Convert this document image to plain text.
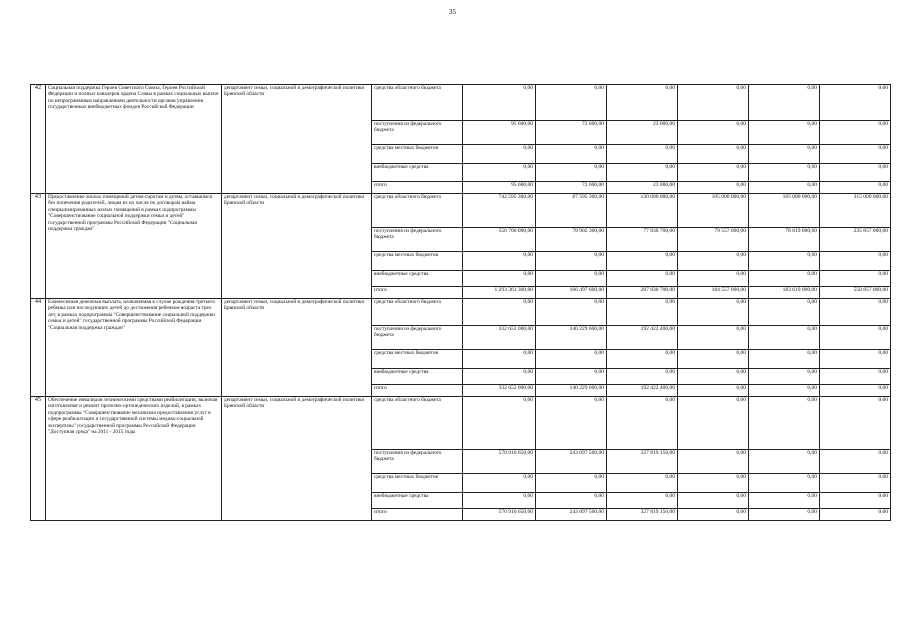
35
42	Социальная поддержка Героев Советского Союза, Героев Российской Федерации и полных кавалеров ордена Славы в рамках социальных выплат по непрограммным направлениям деятельности органов управления государственных внебюджетных фондов Российской Федерации	департамент семьи, социальной и демографической политики Брянской области	средства областного бюджета	0,00	0,00	0,00	0,00	0,00	0,00
			поступления из федерального бюджета	95 600,00	72 600,00	23 000,00	0,00	0,00	0,00
			средства местных бюджетов	0,00	0,00	0,00	0,00	0,00	0,00
			внебюджетные средства	0,00	0,00	0,00	0,00	0,00	0,00
			итого	95 600,00	72 600,00	23 000,00	0,00	0,00	0,00
43	Предоставление жилых помещений детям-сиротам и детям, оставшимся без попечения родителей, лицам из их числа по договорам найма специализированных жилых помещений в рамках подпрограммы "Совершенствование социальной поддержки семьи и детей" государственной программы Российской Федерации "Социальная поддержка граждан"	департамент семьи, социальной и демографической политики Брянской области	средства областного бюджета	742 595 300,00	87 595 300,00	130 000 000,00	105 000 000,00	105 000 000,00	315 000 000,00
			поступления из федерального бюджета	550 766 000,00	78 902 300,00	77 830 700,00	79 557 000,00	78 619 000,00	235 857 000,00
			средства местных бюджетов	0,00	0,00	0,00	0,00	0,00	0,00
			внебюджетные средства	0,00	0,00	0,00	0,00	0,00	0,00
			итого	1 293 361 300,00	166 497 600,00	207 830 700,00	184 557 000,00	183 619 000,00	550 857 000,00
44	Ежемесячная денежная выплата, назначаемая в случае рождения третьего ребенка или последующих детей до достижения ребенком возраста трех лет, в рамках подпрограммы "Совершенствование социальной поддержки семьи и детей" государственной программы Российской Федерации "Социальная поддержка граждан"	департамент семьи, социальной и демографической политики Брянской области	средства областного бюджета	0,00	0,00	0,00	0,00	0,00	0,00
			поступления из федерального бюджета	332 652 000,00	140 229 600,00	192 422 400,00	0,00	0,00	0,00
			средства местных бюджетов	0,00	0,00	0,00	0,00	0,00	0,00
			внебюджетные средства	0,00	0,00	0,00	0,00	0,00	0,00
			итого	332 652 000,00	140 229 600,00	192 422 400,00	0,00	0,00	0,00
45	Обеспечение инвалидов техническими средствами реабилитации, включая изготовление и ремонт протезно-ортопедических изделий, в рамках подпрограммы "Совершенствование механизма предоставления услуг в сфере реабилитации и государственной системы медико-социальной экспертизы" государственной программы Российской Федерации "Доступная среда" на 2011 - 2015 годы	департамент семьи, социальной и демографической политики Брянской области	средства областного бюджета	0,00	0,00	0,00	0,00	0,00	0,00
			поступления из федерального бюджета	570 916 650,00	243 097 500,00	327 819 150,00	0,00	0,00	0,00
			средства местных бюджетов	0,00	0,00	0,00	0,00	0,00	0,00
			внебюджетные средства	0,00	0,00	0,00	0,00	0,00	0,00
			итого	570 916 650,00	243 097 500,00	327 819 150,00	0,00	0,00	0,00
